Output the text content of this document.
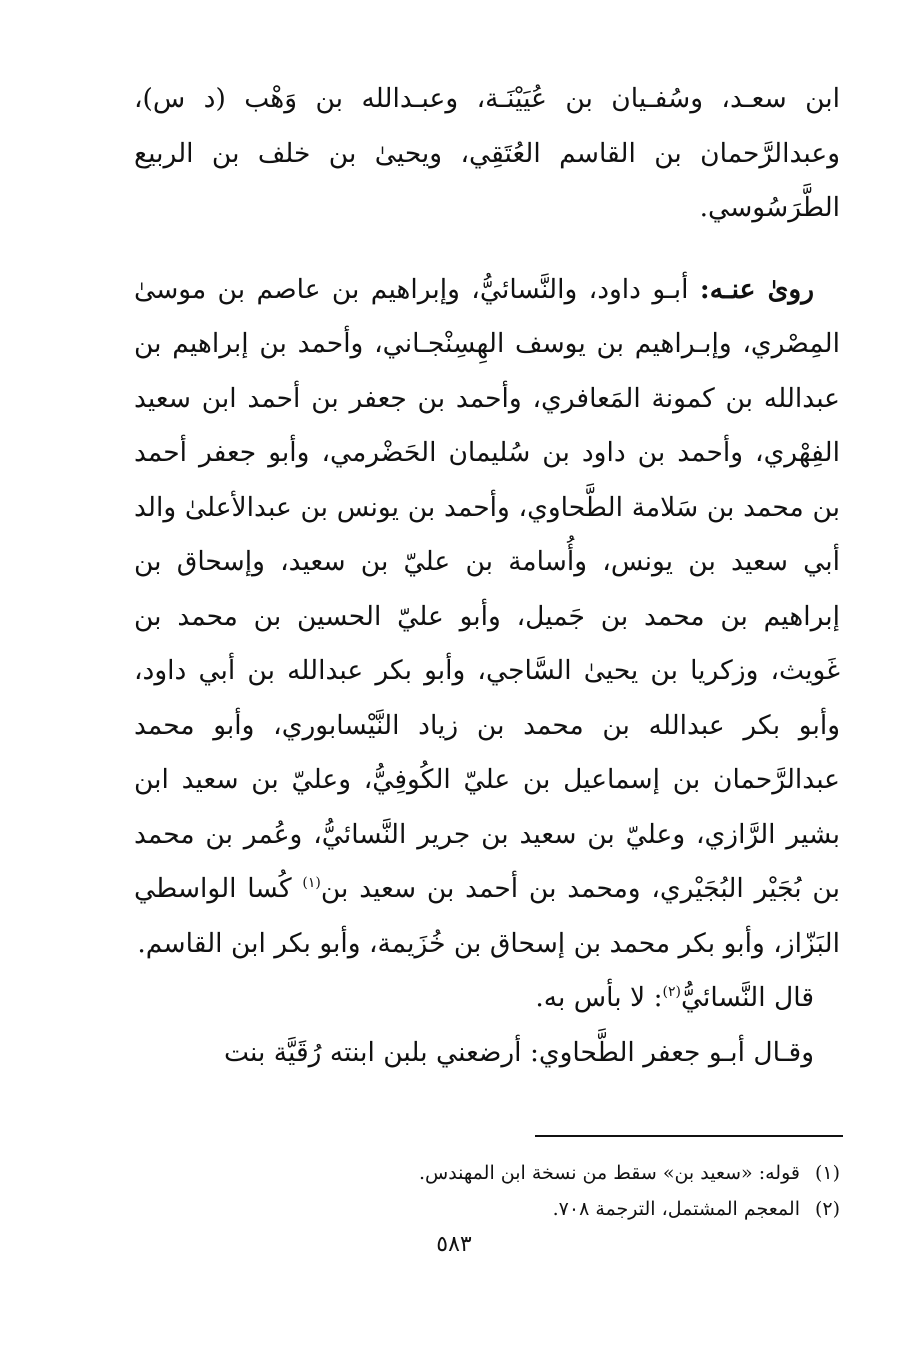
ابن سعـد، وسُفـيان بن عُيَيْنَـة، وعبـدالله بن وَهْب (د س)، وعبدالرَّحمان بن القاسم العُتَقِي، ويحيىٰ بن خلف بن الربيع الطَّرَسُوسي.

روىٰ عنـه: أبـو داود، والنَّسائيُّ، وإبراهيم بن عاصم بن موسىٰ المِصْري، وإبـراهيم بن يوسف الهِسِنْجـاني، وأحمد بن إبراهيم بن عبدالله بن كمونة المَعافري، وأحمد بن جعفر بن أحمد ابن سعيد الفِهْري، وأحمد بن داود بن سُليمان الحَضْرمي، وأبو جعفر أحمد بن محمد بن سَلامة الطَّحاوي، وأحمد بن يونس بن عبدالأعلىٰ والد أبي سعيد بن يونس، وأُسامة بن عليّ بن سعيد، وإسحاق بن إبراهيم بن محمد بن جَميل، وأبو عليّ الحسين بن محمد بن غَويث، وزكريا بن يحيىٰ السَّاجي، وأبو بكر عبدالله بن أبي داود، وأبو بكر عبدالله بن محمد بن زياد النَّيْسابوري، وأبو محمد عبدالرَّحمان بن إسماعيل بن عليّ الكُوفِيُّ، وعليّ بن سعيد ابن بشير الرَّازي، وعليّ بن سعيد بن جرير النَّسائيُّ، وعُمر بن محمد بن بُجَيْر البُجَيْري، ومحمد بن أحمد بن سعيد بن$^{(١)}$ كُسا الواسطي البَزّاز، وأبو بكر محمد بن إسحاق بن خُزَيمة، وأبو بكر ابن القاسم.

قال النَّسائيُّ$^{(٢)}$: لا بأس به.

وقـال أبـو جعفر الطَّحاوي: أرضعني بلبن ابنته رُقَيَّة بنت

(١)قوله: «سعيد بن» سقط من نسخة ابن المهندس.

(٢)المعجم المشتمل، الترجمة ٧٠٨.

٥٨٣
